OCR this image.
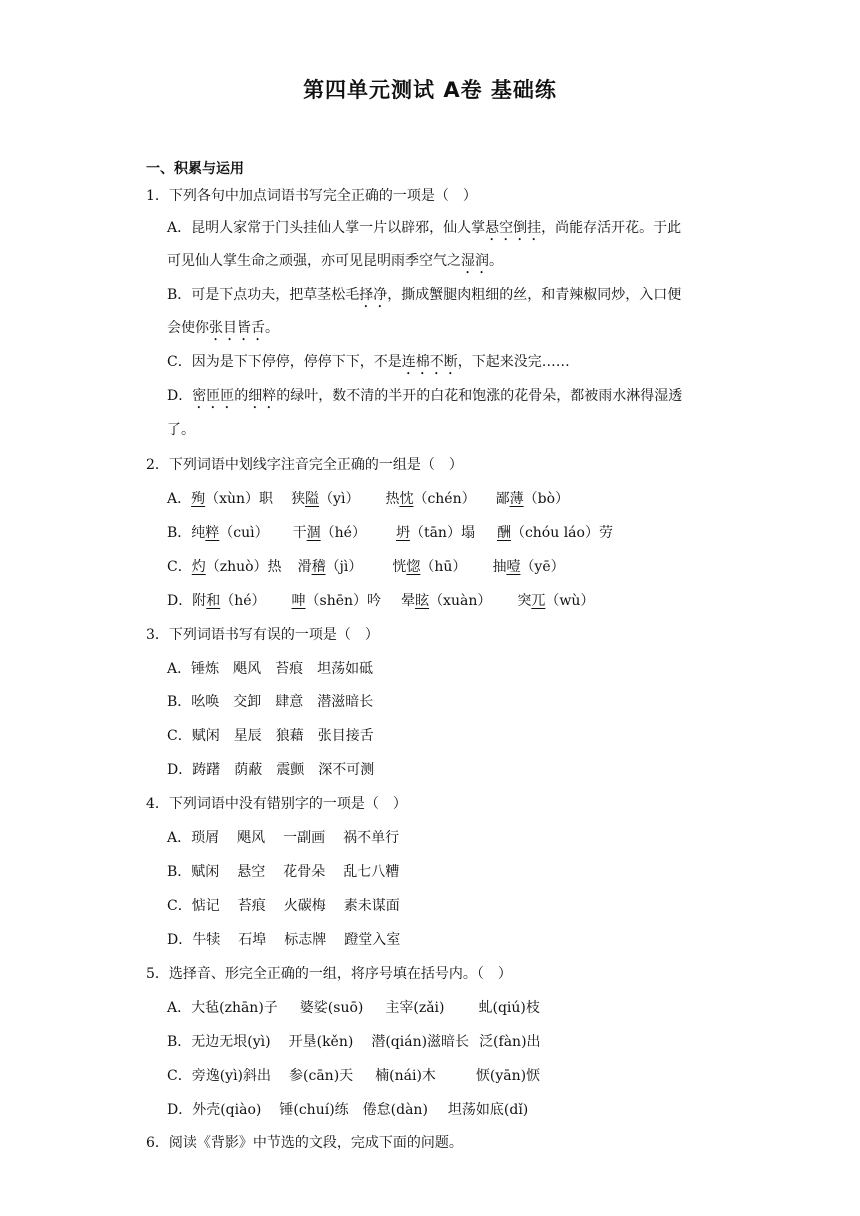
第四单元测试 A卷 基础练
一、积累与运用
1．下列各句中加点词语书写完全正确的一项是（　）
A．昆明人家常于门头挂仙人掌一片以辟邪，仙人掌悬空倒挂，尚能存活开花。于此
可见仙人掌生命之顽强，亦可见昆明雨季空气之湿润。
B．可是下点功夫，把草茎松毛择净，撕成蟹腿肉粗细的丝，和青辣椒同炒，入口便
会使你张目皆舌。
C．因为是下下停停，停停下下，不是连棉不断，下起来没完……
D．密匝匝的细粹的绿叶，数不清的半开的白花和饱涨的花骨朵，都被雨水淋得湿透
了。
2．下列词语中划线字注音完全正确的一组是（　）
A．殉（xùn）职 狭隘（yì） 热忱（chén） 鄙薄（bò）
B．纯粹（cuì） 干涸（hé） 坍（tān）塌 酬（chóu láo）劳
C．灼（zhuò）热 滑稽（jì） 恍惚（hū） 抽噎（yē）
D．附和（hé） 呻（shēn）吟 晕眩（xuàn） 突兀（wù）
3．下列词语书写有误的一项是（　）
A．锤炼　飓风　苔痕　坦荡如砥
B．吆唤　交卸　肆意　潜滋暗长
C．赋闲　星辰　狼藉　张目接舌
D．踌躇　荫蔽　震颤　深不可测
4．下列词语中没有错别字的一项是（　）
A．琐屑 飓风 一副画 祸不单行
B．赋闲 悬空 花骨朵 乱七八糟
C．惦记 苔痕 火碳梅 素未谋面
D．牛犊 石埠 标志牌 蹬堂入室
5．选择音、形完全正确的一组，将序号填在括号内。（　）
A．大毡(zhān)子 婆娑(suō) 主宰(zǎi) 虬(qiú)枝
B．无边无垠(yì) 开垦(kěn) 潜(qián)滋暗长 泛(fàn)出
C．旁逸(yì)斜出 参(cān)天 楠(nái)木	恹(yān)恹
D．外壳(qiào) 锤(chuí)练 倦怠(dàn) 坦荡如底(dǐ)
6．阅读《背影》中节选的文段，完成下面的问题。
